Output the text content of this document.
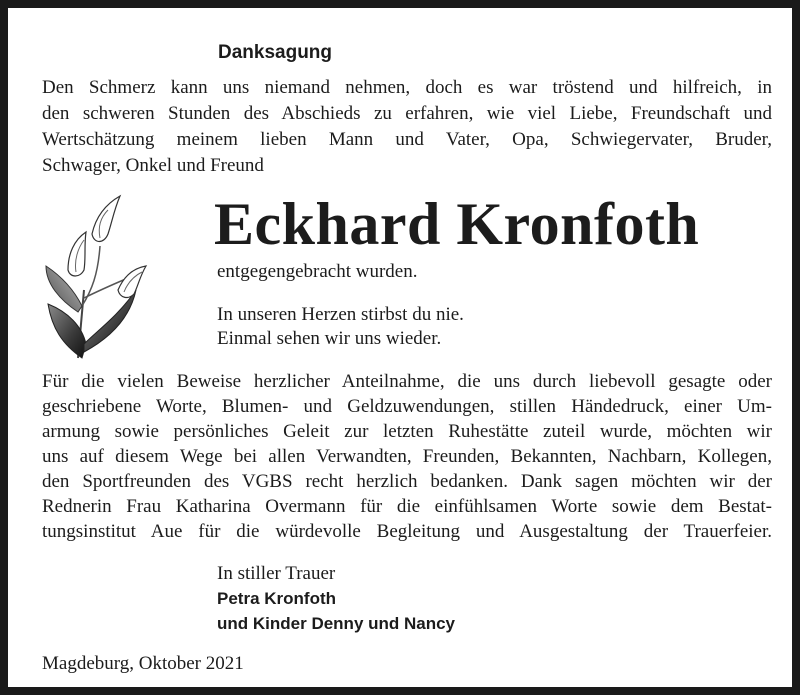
Danksagung
Den Schmerz kann uns niemand nehmen, doch es war tröstend und hilfreich, in
den schweren Stunden des Abschieds zu erfahren, wie viel Liebe, Freundschaft und
Wertschätzung meinem lieben Mann und Vater, Opa, Schwiegervater, Bruder,
Schwager, Onkel und Freund
Eckhard Kronfoth
entgegengebracht wurden.
In unseren Herzen stirbst du nie.
Einmal sehen wir uns wieder.
Für die vielen Beweise herzlicher Anteilnahme, die uns durch liebevoll gesagte oder
geschriebene Worte, Blumen- und Geldzuwendungen, stillen Händedruck, einer Um-
armung sowie persönliches Geleit zur letzten Ruhestätte zuteil wurde, möchten wir
uns auf diesem Wege bei allen Verwandten, Freunden, Bekannten, Nachbarn, Kollegen,
den Sportfreunden des VGBS recht herzlich bedanken. Dank sagen möchten wir der
Rednerin Frau Katharina Overmann für die einfühlsamen Worte sowie dem Bestat-
tungsinstitut Aue für die würdevolle Begleitung und Ausgestaltung der Trauerfeier.
In stiller Trauer
Petra Kronfoth
und Kinder Denny und Nancy
Magdeburg, Oktober 2021
